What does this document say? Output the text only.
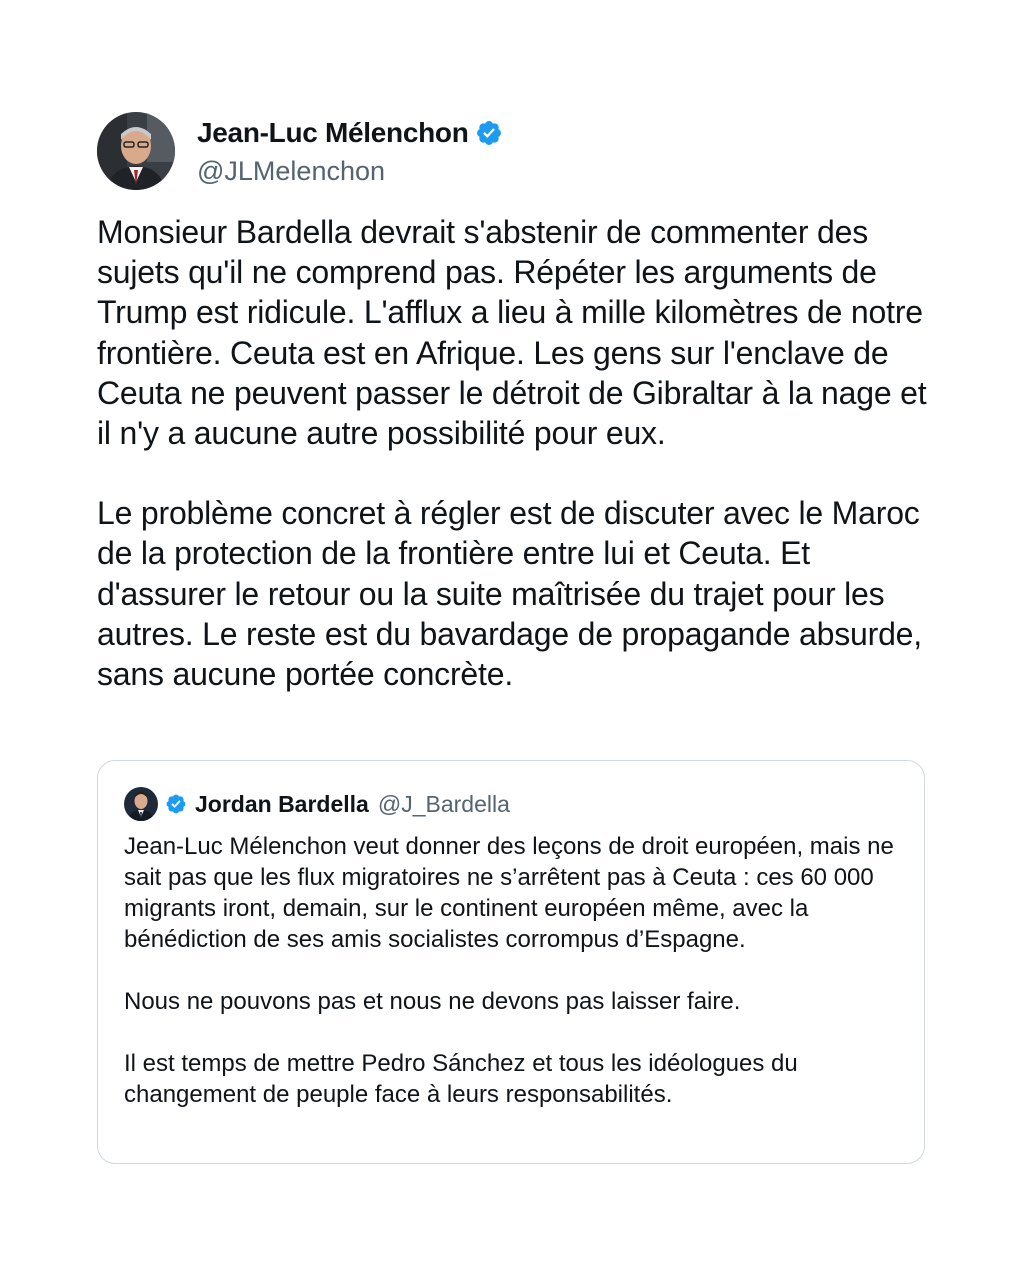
Jean-Luc Mélenchon
@JLMelenchon

Monsieur Bardella devrait s'abstenir de commenter des sujets qu'il ne comprend pas. Répéter les arguments de Trump est ridicule. L'afflux a lieu à mille kilomètres de notre frontière. Ceuta est en Afrique. Les gens sur l'enclave de Ceuta ne peuvent passer le détroit de Gibraltar à la nage et il n'y a aucune autre possibilité pour eux.

Le problème concret à régler est de discuter avec le Maroc de la protection de la frontière entre lui et Ceuta. Et d'assurer le retour ou la suite maîtrisée du trajet pour les autres. Le reste est du bavardage de propagande absurde, sans aucune portée concrète.

Jordan Bardella @J_Bardella

Jean-Luc Mélenchon veut donner des leçons de droit européen, mais ne sait pas que les flux migratoires ne s’arrêtent pas à Ceuta : ces 60 000 migrants iront, demain, sur le continent européen même, avec la bénédiction de ses amis socialistes corrompus d’Espagne.

Nous ne pouvons pas et nous ne devons pas laisser faire.

Il est temps de mettre Pedro Sánchez et tous les idéologues du changement de peuple face à leurs responsabilités.
